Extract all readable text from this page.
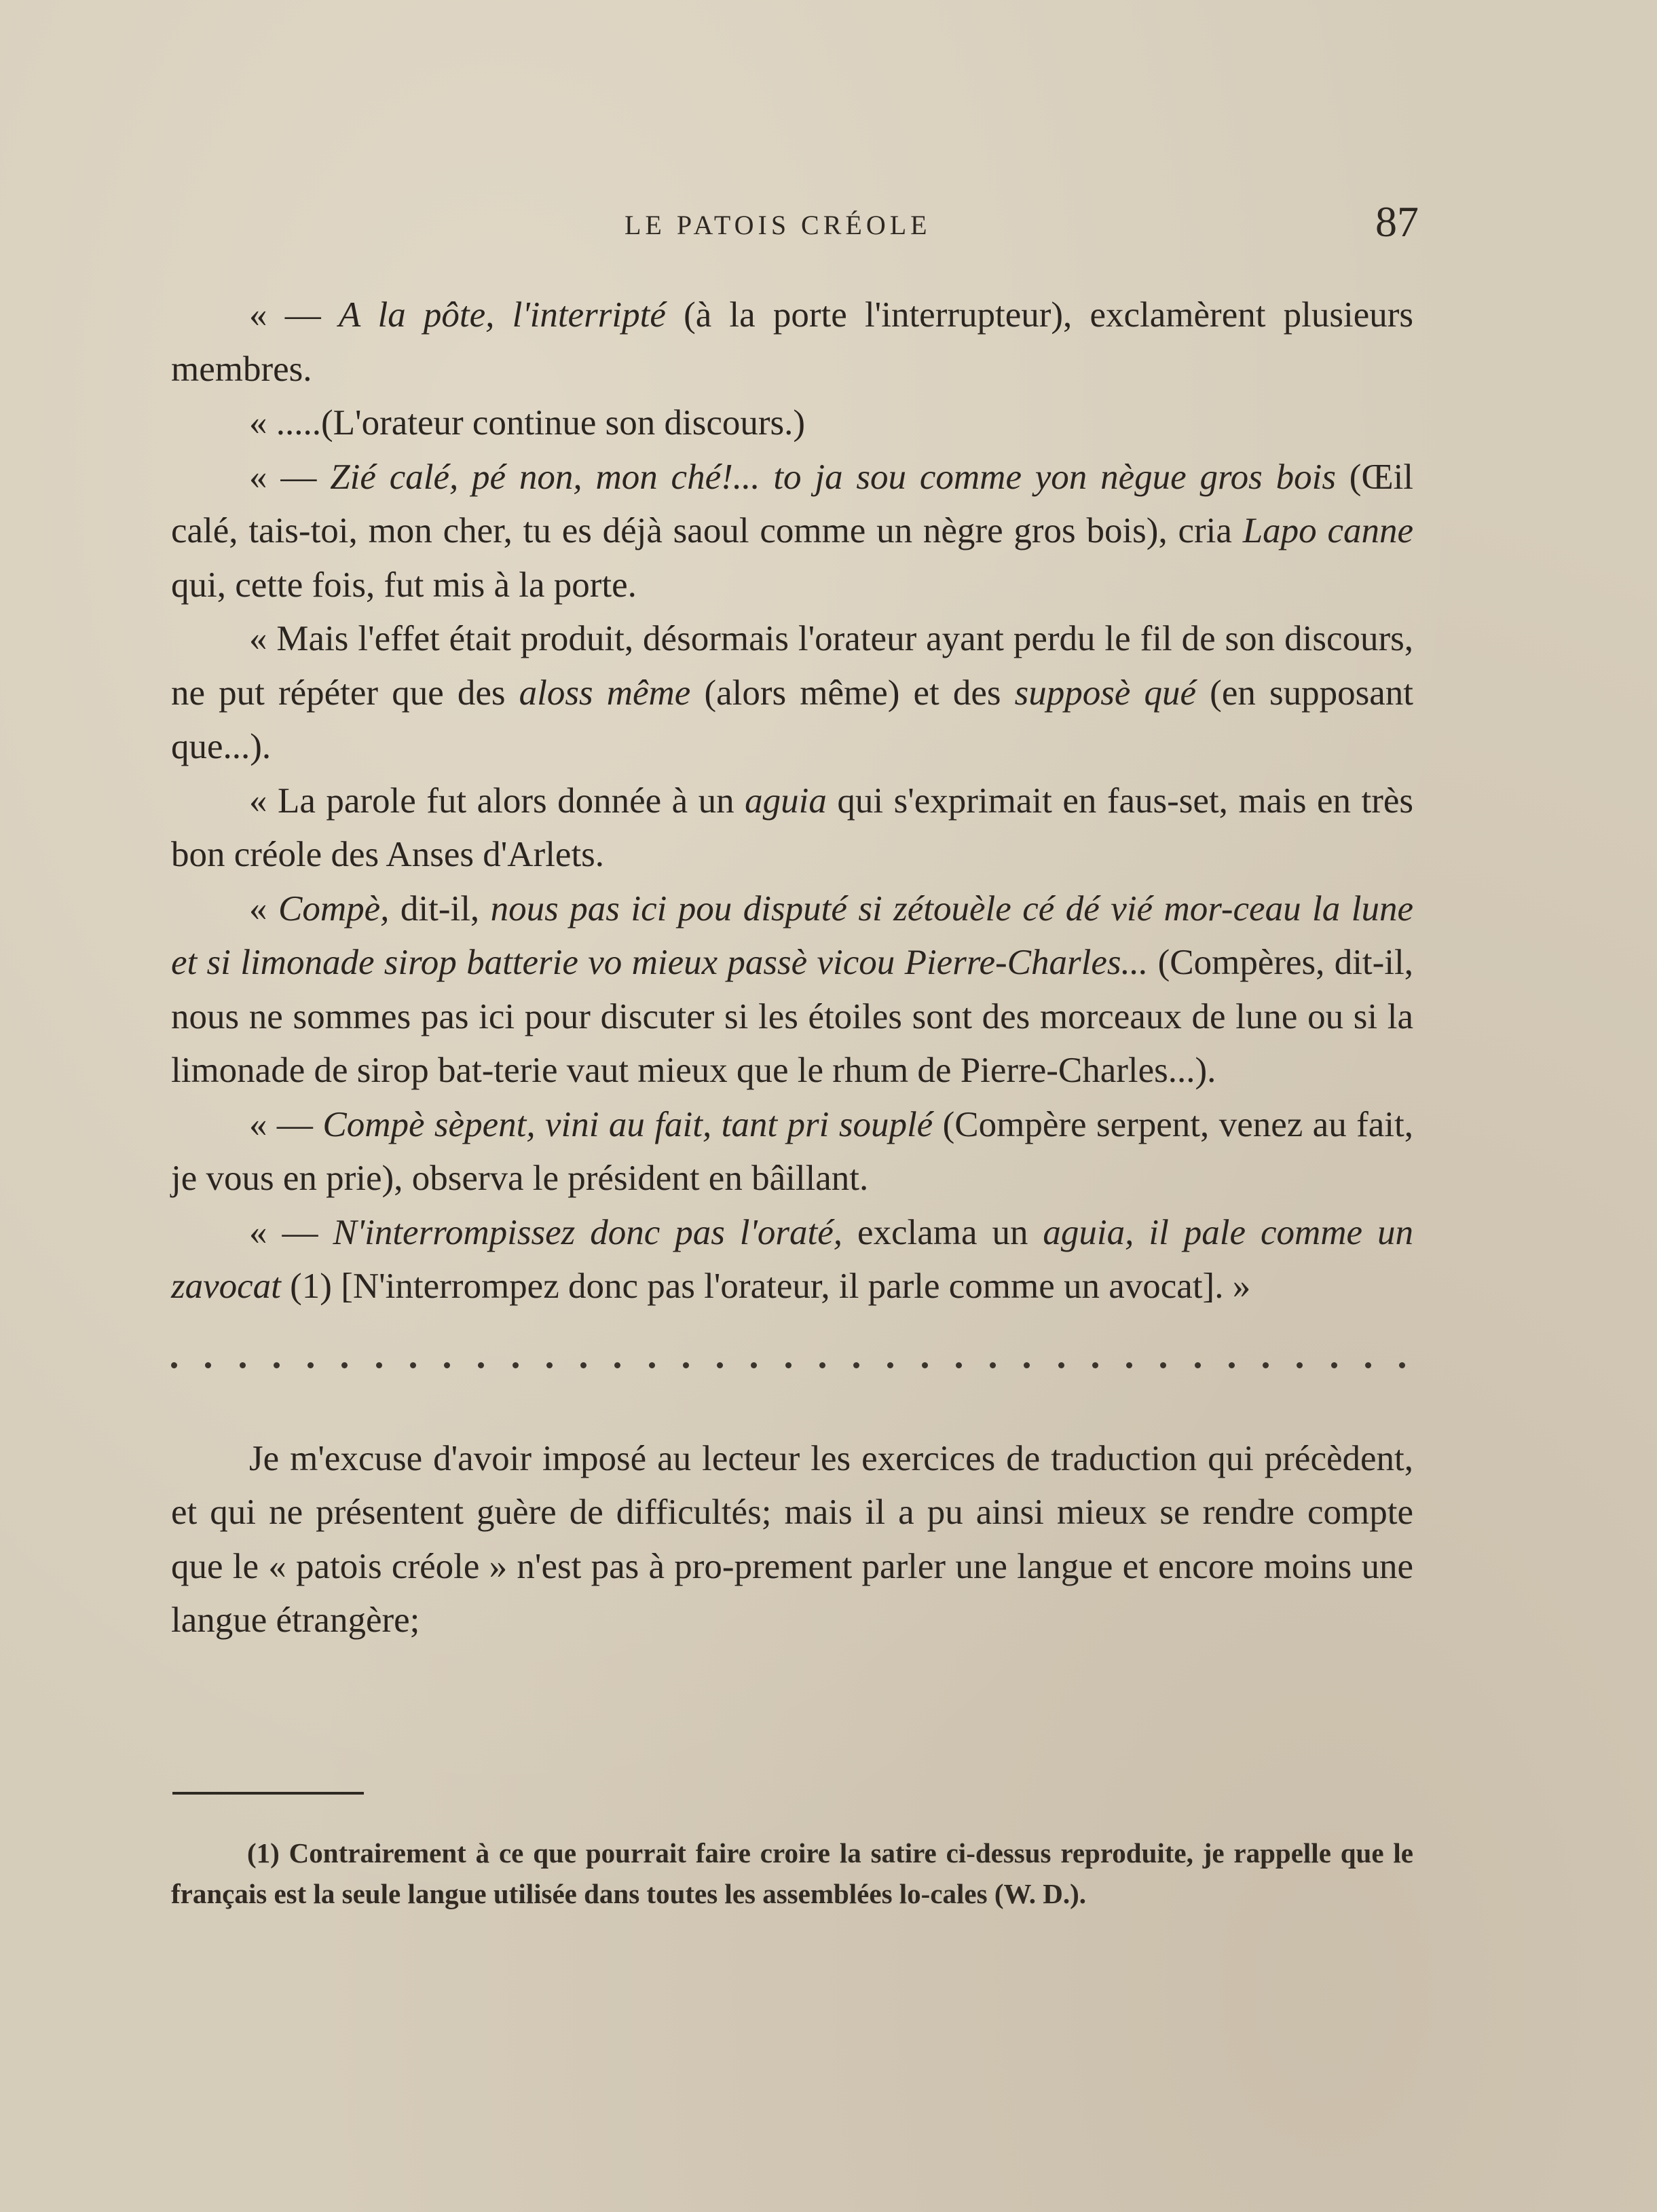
LE PATOIS CRÉOLE	87

« — A la pôte, l'interripté (à la porte l'interrupteur), exclamèrent plusieurs membres.

« .....(L'orateur continue son discours.)

« — Zié calé, pé non, mon ché!... to ja sou comme yon nègue gros bois (Œil calé, tais-toi, mon cher, tu es déjà saoul comme un nègre gros bois), cria Lapo canne qui, cette fois, fut mis à la porte.

« Mais l'effet était produit, désormais l'orateur ayant perdu le fil de son discours, ne put répéter que des aloss même (alors même) et des supposè qué (en supposant que...).

« La parole fut alors donnée à un aguia qui s'exprimait en faus-set, mais en très bon créole des Anses d'Arlets.

« Compè, dit-il, nous pas ici pou disputé si zétouèle cé dé vié mor-ceau la lune et si limonade sirop batterie vo mieux passè vicou Pierre-Charles... (Compères, dit-il, nous ne sommes pas ici pour discuter si les étoiles sont des morceaux de lune ou si la limonade de sirop bat-terie vaut mieux que le rhum de Pierre-Charles...).

« — Compè sèpent, vini au fait, tant pri souplé (Compère serpent, venez au fait, je vous en prie), observa le président en bâillant.

« — N'interrompissez donc pas l'oraté, exclama un aguia, il pale comme un zavocat (1) [N'interrompez donc pas l'orateur, il parle comme un avocat]. »

Je m'excuse d'avoir imposé au lecteur les exercices de traduction qui précèdent, et qui ne présentent guère de difficultés; mais il a pu ainsi mieux se rendre compte que le « patois créole » n'est pas à pro-prement parler une langue et encore moins une langue étrangère;

(1) Contrairement à ce que pourrait faire croire la satire ci-dessus reproduite, je rappelle que le français est la seule langue utilisée dans toutes les assemblées lo-cales (W. D.).
